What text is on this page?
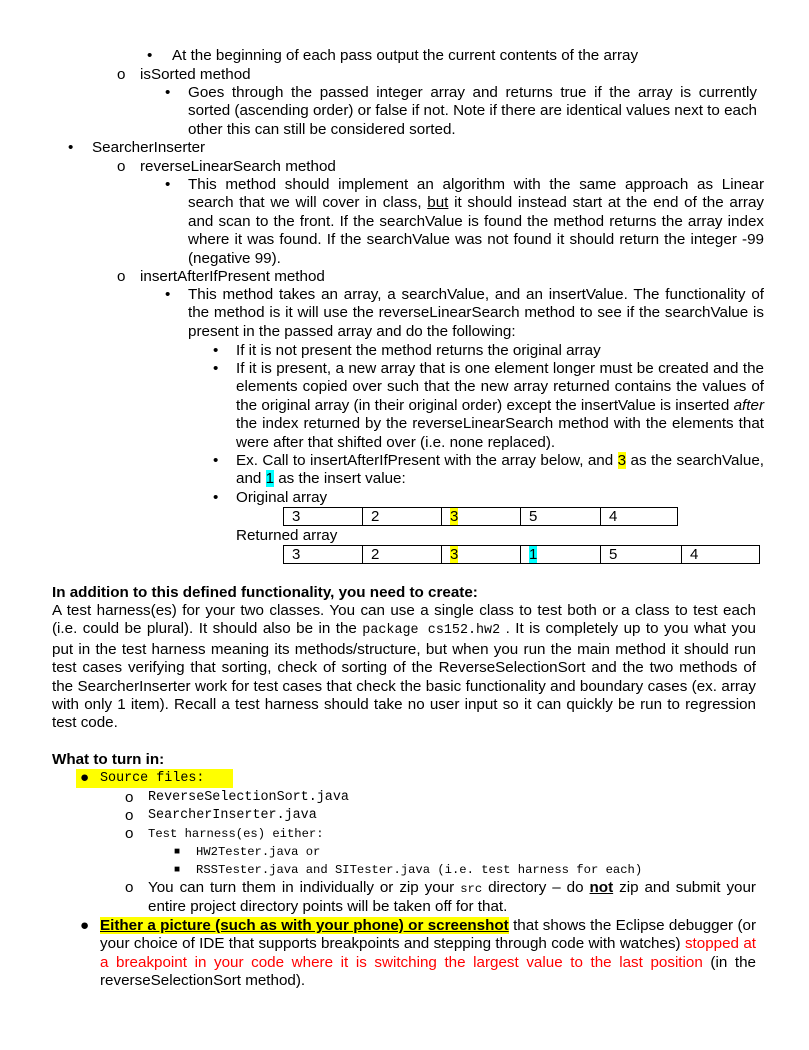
• At the beginning of each pass output the current contents of the array
o isSorted method
• Goes through the passed integer array and returns true if the array is currently sorted (ascending order) or false if not. Note if there are identical values next to each other this can still be considered sorted.
• SearcherInserter
o reverseLinearSearch method
• This method should implement an algorithm with the same approach as Linear search that we will cover in class, but it should instead start at the end of the array and scan to the front. If the searchValue is found the method returns the array index where it was found. If the searchValue was not found it should return the integer -99 (negative 99).
o insertAfterIfPresent method
• This method takes an array, a searchValue, and an insertValue. The functionality of the method is it will use the reverseLinearSearch method to see if the searchValue is present in the passed array and do the following:
• If it is not present the method returns the original array
• If it is present, a new array that is one element longer must be created and the elements copied over such that the new array returned contains the values of the original array (in their original order) except the insertValue is inserted after the index returned by the reverseLinearSearch method with the elements that were after that shifted over (i.e. none replaced).
• Ex. Call to insertAfterIfPresent with the array below, and 3 as the searchValue, and 1 as the insert value:
• Original array
3	2	3	5	4
Returned array
3	2	3	1	5	4
In addition to this defined functionality, you need to create:
A test harness(es) for your two classes. You can use a single class to test both or a class to test each (i.e. could be plural). It should also be in the package cs152.hw2 . It is completely up to you what you put in the test harness meaning its methods/structure, but when you run the main method it should run test cases verifying that sorting, check of sorting of the ReverseSelectionSort and the two methods of the SearcherInserter work for test cases that check the basic functionality and boundary cases (ex. array with only 1 item). Recall a test harness should take no user input so it can quickly be run to regression test code.
What to turn in:
● Source files:
o ReverseSelectionSort.java
o SearcherInserter.java
o Test harness(es) either:
■ HW2Tester.java or
■ RSSTester.java and SITester.java (i.e. test harness for each)
o You can turn them in individually or zip your src directory – do not zip and submit your entire project directory points will be taken off for that.
● Either a picture (such as with your phone) or screenshot that shows the Eclipse debugger (or your choice of IDE that supports breakpoints and stepping through code with watches) stopped at a breakpoint in your code where it is switching the largest value to the last position (in the reverseSelectionSort method).
